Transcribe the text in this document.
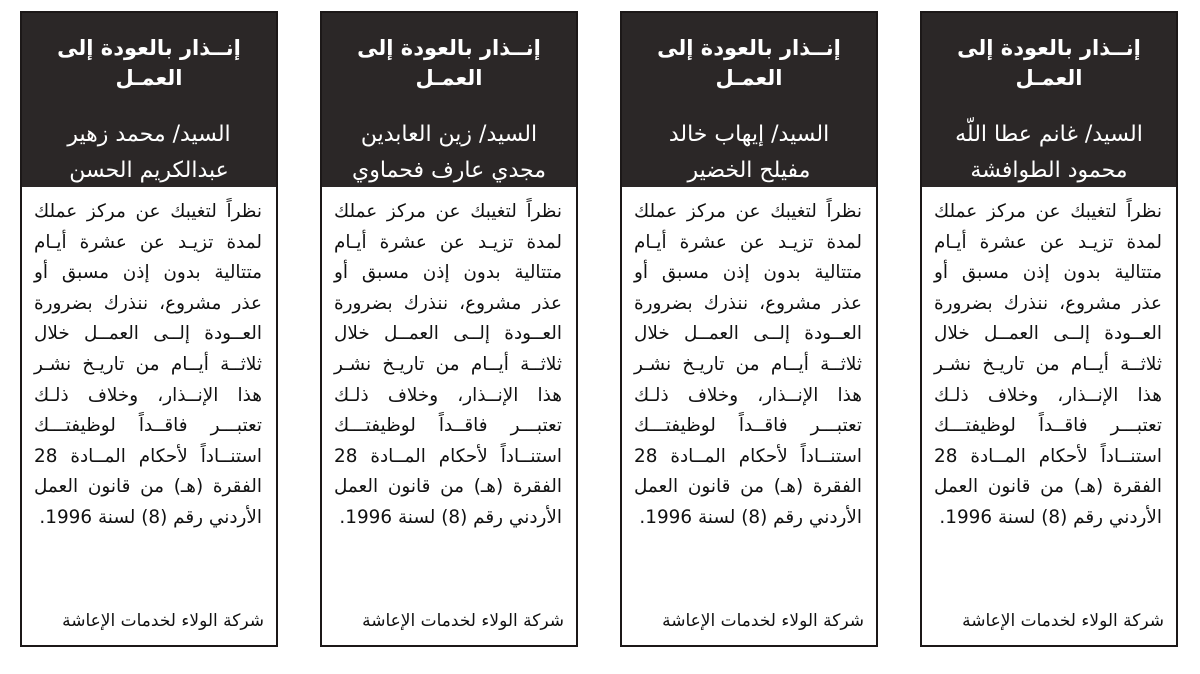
إنــذار بالعودة إلى العمـل
السيد/ محمد زهير
عبدالكريم الحسن
نظراً لتغيبك عن مركز عملك
لمدة تزيـد عن عشرة أيـام
متتالية بدون إذن مسبق أو
عذر مشروع، ننذرك بضرورة
العــودة إلــى العمــل خلال
ثلاثــة أيــام من تاريـخ نشـر
هذا الإنــذار، وخلاف ذلـك
تعتبـــر فاقــداً لوظيفتـــك
استنــاداً لأحكام المــادة 28
الفقرة (هـ) من قانون العمل
الأردني رقم (8) لسنة 1996.
شركة الولاء لخدمات الإعاشة
إنــذار بالعودة إلى العمـل
السيد/ زين العابدين
مجدي عارف فحماوي
نظراً لتغيبك عن مركز عملك
لمدة تزيـد عن عشرة أيـام
متتالية بدون إذن مسبق أو
عذر مشروع، ننذرك بضرورة
العــودة إلــى العمــل خلال
ثلاثــة أيــام من تاريـخ نشـر
هذا الإنــذار، وخلاف ذلـك
تعتبـــر فاقــداً لوظيفتـــك
استنــاداً لأحكام المــادة 28
الفقرة (هـ) من قانون العمل
الأردني رقم (8) لسنة 1996.
شركة الولاء لخدمات الإعاشة
إنــذار بالعودة إلى العمـل
السيد/ إيهاب خالد
مفيلح الخضير
نظراً لتغيبك عن مركز عملك
لمدة تزيـد عن عشرة أيـام
متتالية بدون إذن مسبق أو
عذر مشروع، ننذرك بضرورة
العــودة إلــى العمــل خلال
ثلاثــة أيــام من تاريـخ نشـر
هذا الإنــذار، وخلاف ذلـك
تعتبـــر فاقــداً لوظيفتـــك
استنــاداً لأحكام المــادة 28
الفقرة (هـ) من قانون العمل
الأردني رقم (8) لسنة 1996.
شركة الولاء لخدمات الإعاشة
إنــذار بالعودة إلى العمـل
السيد/ غانم عطا اللّه
محمود الطوافشة
نظراً لتغيبك عن مركز عملك
لمدة تزيـد عن عشرة أيـام
متتالية بدون إذن مسبق أو
عذر مشروع، ننذرك بضرورة
العــودة إلــى العمــل خلال
ثلاثــة أيــام من تاريـخ نشـر
هذا الإنــذار، وخلاف ذلـك
تعتبـــر فاقــداً لوظيفتـــك
استنــاداً لأحكام المــادة 28
الفقرة (هـ) من قانون العمل
الأردني رقم (8) لسنة 1996.
شركة الولاء لخدمات الإعاشة
